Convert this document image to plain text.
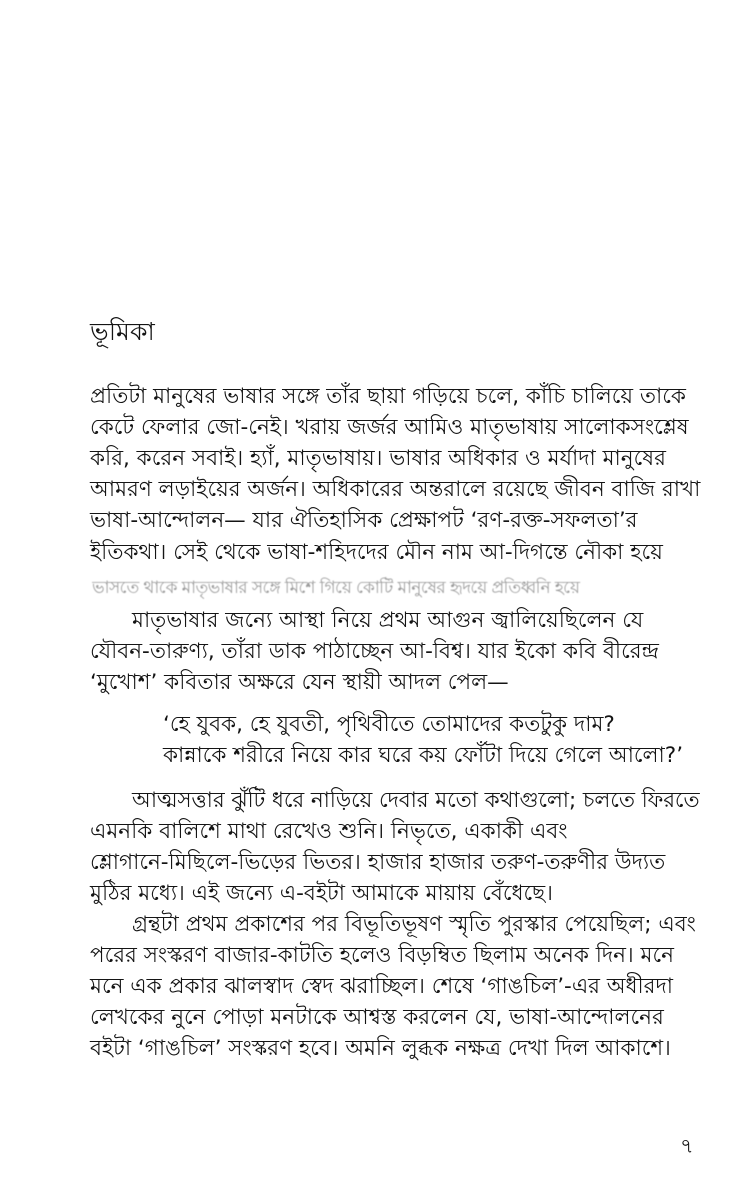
ভূমিকা
প্রতিটা মানুষের ভাষার সঙ্গে তাঁর ছায়া গড়িয়ে চলে, কাঁচি চালিয়ে তাকে
কেটে ফেলার জো-নেই। খরায় জর্জর আমিও মাতৃভাষায় সালোকসংশ্লেষ
করি, করেন সবাই। হ্যাঁ, মাতৃভাষায়। ভাষার অধিকার ও মর্যাদা মানুষের
আমরণ লড়াইয়ের অর্জন। অধিকারের অন্তরালে রয়েছে জীবন বাজি রাখা
ভাষা-আন্দোলন— যার ঐতিহাসিক প্রেক্ষাপট ‘রণ-রক্ত-সফলতা’র
ইতিকথা। সেই থেকে ভাষা-শহিদদের মৌন নাম আ-দিগন্তে নৌকা হয়ে
ভাসতে থাকে মাতৃভাষার সঙ্গে মিশে গিয়ে কোটি মানুষের হৃদয়ে প্রতিধ্বনি হয়ে
মাতৃভাষার জন্যে আস্থা নিয়ে প্রথম আগুন জ্বালিয়েছিলেন যে
যৌবন-তারুণ্য, তাঁরা ডাক পাঠাচ্ছেন আ-বিশ্ব। যার ইকো কবি বীরেন্দ্র
‘মুখোশ’ কবিতার অক্ষরে যেন স্থায়ী আদল পেল—
‘হে যুবক, হে যুবতী, পৃথিবীতে তোমাদের কতটুকু দাম?
কান্নাকে শরীরে নিয়ে কার ঘরে কয় ফোঁটা দিয়ে গেলে আলো?’
আত্মসত্তার ঝুঁটি ধরে নাড়িয়ে দেবার মতো কথাগুলো; চলতে ফিরতে
এমনকি বালিশে মাথা রেখেও শুনি। নিভৃতে, একাকী এবং
শ্লোগানে-মিছিলে-ভিড়ের ভিতর। হাজার হাজার তরুণ-তরুণীর উদ্যত
মুঠির মধ্যে। এই জন্যে এ-বইটা আমাকে মায়ায় বেঁধেছে।
গ্রন্থটা প্রথম প্রকাশের পর বিভূতিভূষণ স্মৃতি পুরস্কার পেয়েছিল; এবং
পরের সংস্করণ বাজার-কাটতি হলেও বিড়ম্বিত ছিলাম অনেক দিন। মনে
মনে এক প্রকার ঝালস্বাদ স্বেদ ঝরাচ্ছিল। শেষে ‘গাঙচিল’-এর অধীরদা
লেখকের নুনে পোড়া মনটাকে আশ্বস্ত করলেন যে, ভাষা-আন্দোলনের
বইটা ‘গাঙচিল’ সংস্করণ হবে। অমনি লুব্ধক নক্ষত্র দেখা দিল আকাশে।
৭
